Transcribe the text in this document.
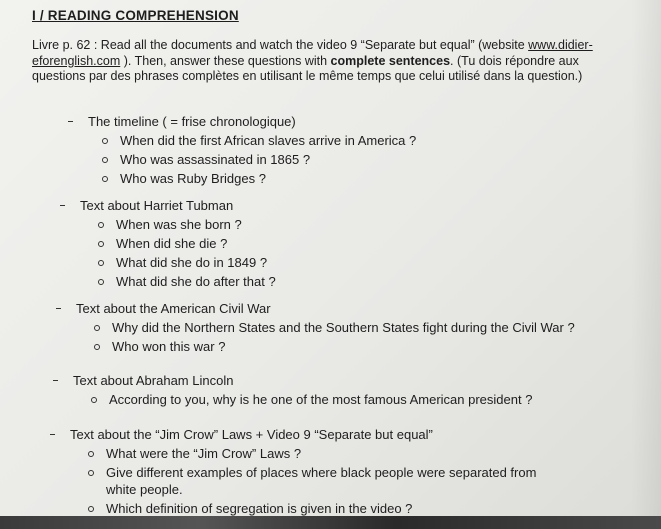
I / READING COMPREHENSION
Livre p. 62 : Read all the documents and watch the video 9 “Separate but equal” (website www.didier-eforenglish.com ). Then, answer these questions with complete sentences. (Tu dois répondre aux questions par des phrases complètes en utilisant le même temps que celui utilisé dans la question.)
The timeline ( = frise chronologique)
When did the first African slaves arrive in America ?
Who was assassinated in 1865 ?
Who was Ruby Bridges ?
Text about Harriet Tubman
When was she born ?
When did she die ?
What did she do in 1849 ?
What did she do after that ?
Text about the American Civil War
Why did the Northern States and the Southern States fight during the Civil War ?
Who won this war ?
Text about Abraham Lincoln
According to you, why is he one of the most famous American president ?
Text about the “Jim Crow” Laws + Video 9 “Separate but equal”
What were the “Jim Crow” Laws ?
Give different examples of places where black people were separated from white people.
Which definition of segregation is given in the video ?
